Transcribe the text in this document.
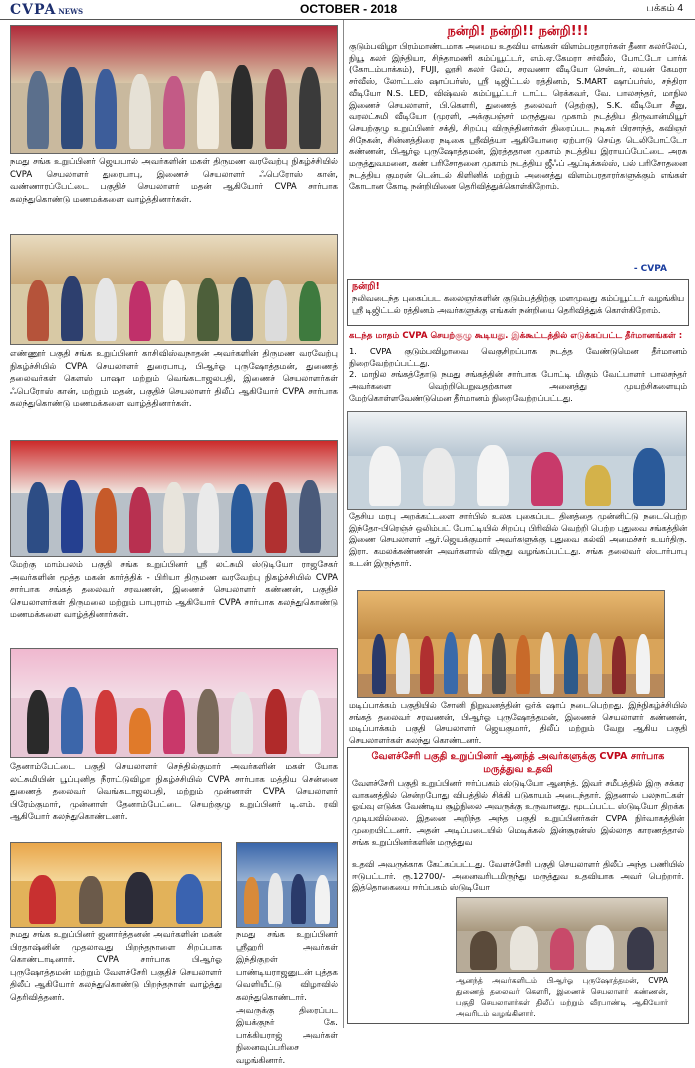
CVPA NEWS	OCTOBER - 2018	பக்கம் 4
நமது சங்க உறுப்பினர் ஜெயபால் அவர்களின் மகள் திருமண வரவேற்பு நிகழ்ச்சியில் CVPA செயலாளர் துரைபாபு, இணைச் செயலாளர் ஃபெரோஸ் கான், வண்ணாரப்பேட்டை பகுதிச் செயலாளர் மதன் ஆகியோர் CVPA சார்பாக கலந்துகொண்டு மணமக்களை வாழ்த்தினார்கள்.
எண்ணூர் பகுதி சங்க உறுப்பினர் காசிவிஸ்வநாதன் அவர்களின் திருமண வரவேற்பு நிகழ்ச்சியில் CVPA செயலாளர் துரைபாபு, பிஆர்ஓ புருஷோத்தமன், துணைத் தலைவர்கள் கௌஸ் பாஷா மற்றும் வெங்கடாஜலபதி, இணைச் செயலாளர்கள் ஃபெரோஸ் கான், மற்றும் மதன், பகுதிச் செயலாளர் திலீப் ஆகியோர் CVPA சார்பாக கலந்துகொண்டு மணமக்களை வாழ்த்தினார்கள்.
மேற்கு மாம்பலம் பகுதி சங்க உறுப்பினர் ஸ்ரீ லட்சுமி ஸ்டுடியோ ராஜசேகர் அவர்களின் மூத்த மகன் கார்த்திக் - பிரியா திருமண வரவேற்பு நிகழ்ச்சியில் CVPA சார்பாக சங்கத் தலைவர் சரவணன், இணைச் செயலாளர் கண்ணன், பகுதிச் செயலாளர்கள் திருமலை மற்றும் பாபுராம் ஆகியோர் CVPA சார்பாக கலந்துகொண்டு மணமக்களை வாழ்த்தினார்கள்.
தேனாம்பேட்டை பகுதி செயலாளர் செந்தில்குமார் அவர்களின் மகள் யோக லட்சுமியின் பூப்புனித நீராட்டுவிழா நிகழ்ச்சியில் CVPA சார்பாக மத்திய சென்னை துணைத் தலைவர் வெங்கடாஜலபதி, மற்றும் முன்னாள் CVPA செயலாளர் பிரேம்குமார், முன்னாள் தேனாம்பேட்டை செயற்குழு உறுப்பினர் டி.எம். ரவி ஆகியோர் கலந்துகொண்டனர்.
நமது சங்க உறுப்பினர் ஜனார்த்தனன் அவர்களின் மகன் பிரதாஷ்னின் முதலாவது பிறந்தநாளை சிறப்பாக கொண்டாடினார். CVPA சார்பாக பிஆர்ஓ புருஷோத்தமன் மற்றும் வேளச்சேரி பகுதிச் செயலாளர் திலீப் ஆகியோர் கலந்துகொண்டு பிறந்தநாள் வாழ்த்து தெரிவித்தனர்.
நமது சங்க உறுப்பினர் ஸ்ரீஹரி அவர்கள் இந்திகுறள் பாண்டியராஜனுடன் புத்தக வெளியீட்டு விழாவில் கலந்துகொண்டார். அவருக்கு திரைப்பட இயக்குநர் கே. பாக்கியராஜ் அவர்கள் நினைவுப்பரிசை வழங்கினார்.
நன்றி! நன்றி!! நன்றி!!!
குடும்பவிழா பிரம்மாண்டமாக அமைய உதவிய எங்கள் விளம்பரதாரர்கள் தீனா கலர்லேப், நியூ கலர் இந்தியா, சிந்தாமணி கம்ப்யூட்டர், எம்.ஏ.கேமரா சர்வீஸ், போட்டோ பார்க் (கோடம்பாக்கம்), FUJI, லூசி கலர் லேப், சரவணா வீடியோ சென்டர், லயன் கேமரா சர்வீஸ், லோட்டஸ் ஷாப்பர்ஸ், ஸ்ரீ டிஜிட்டல் ரத்தினம், S.MART ஷாப்பர்ஸ், சந்திரா வீடியோ N.S. LED, விஷ்வல் கம்ப்யூட்டர் டாட்ட ரெக்கவர், வே. பாலசந்தர், மாநில இணைச் செயலாளர், பி.கெளரி, துணைத் தலைவர் (தெற்கு), S.K. வீடியோ சீனு, வரலட்சுமி வீடியோ (முரளி, அக்குபஞ்சர் மருத்துவ முகாம் நடத்திய திருவான்மியூர் செயற்குழு உறுப்பினர் சக்தி, சிறப்பு விருந்தினர்கள் திரைப்பட நடிகர் பிரசாந்த், கவிஞர் சிநேகன், சின்னத்திரை நடிகை ஸ்ரீவித்யா ஆகியோரை ஏற்பாடு செய்த டெலிபோட்டோ கண்ணன், பிஆர்ஓ புருஷோத்தமன், இரத்ததான முகாம் நடத்திய இராயப்பேட்டை அரசு மருத்துவமனை, கண் பரிசோதனை முகாம் நடத்திய ஜீஃப் ஆப்டிக்கல்ஸ், பல் பரிசோதனை நடத்திய குமரன் டென்டல் கிளினிக் மற்றும் அனைத்து விளம்பரதாரர்களுக்கும் எங்கள் கோடான கோடி நன்றியினை தெரிவித்துக்கொள்கிறோம்.
- CVPA
நன்றி!
நலிவடைந்த புகைப்பட கலைஞர்களின் குடும்பத்திற்கு மளமுவது கம்ப்யூட்டர் வழங்கிய ஸ்ரீ டிஜிட்டல் ரத்தினம் அவர்களுக்கு எங்கள் நன்றியை தெரிவித்துக் கொள்கிறோம்.
கடந்த மாதம் CVPA செயற்குழு கூடியது. இக்கூட்டத்தில் எடுக்கப்பட்ட தீர்மானங்கள் :
1. CVPA குடும்பவிழாவை வெகுசிறப்பாக நடத்த வேண்டுமென தீர்மானம் நிறைவேற்றப்பட்டது.
2. மாநில சங்கத்தோடு நமது சங்கத்தின் சார்பாக போட்டி மிகும் வேட்பாளர் பாலசந்தர் அவர்களை வெற்றிபெறுவதற்கான அனைத்து முயற்சிகளையும் மேற்கொள்ளவேண்டுமென தீர்மானம் நிறைவேற்றப்பட்டது.
தேசிய மரபு அறக்கட்டளை சார்பில் உலக புகைப்பட தினத்தை முன்னிட்டு நடைபெற்ற இந்தோ-பிரெஞ்ச் ஒலிம்பட் போட்டியில் சிறப்பு பிரிவில் வெற்றி பெற்ற புதுவை சங்கத்தின் இணை செயலாளர் ஆர்.ஜெயக்குமார் அவர்களுக்கு புதுவை கல்வி அமைச்சர் உயர்திரு. இரா. கமலக்கண்ணன் அவர்களால் விருது வழங்கப்பட்டது. சங்க தலைவர் ஸ்டார்பாபு உடன் இருந்தார்.
மடிப்பாக்கம் பகுதியில் சோனி நிறுவனத்தின் ஒர்க் ஷாப் நடைபெற்றது. இந்நிகழ்ச்சியில் சங்கத் தலைவர் சரவணன், பிஆர்ஓ புருஷோத்தமன், இணைச் செயலாளர் கண்ணன், மடிப்பாக்கம் பகுதி செயலாளர் ஜெயகுமார், திலீப் மற்றும் வேறு ஆகிய பகுதி செயலாளர்கள் கலந்து கொண்டனர்.
வேளச்சேரி பகுதி உறுப்பினர் ஆனந்த் அவர்களுக்கு CVPA சார்பாக மருத்துவ உதவி
வேளச்சேரி பகுதி உறுப்பினர் ஈர்ப்பகம் ஸ்டுடியோ ஆனந்த். இவர் சமீபத்தில் இரு சக்கர வாகனத்தில் சென்றபோது விபத்தில் சிக்கி படுகாயம் அடைந்தார். இதனால் பலநாட்கள் ஓய்வு எடுக்க வேண்டிய சூழ்நிலை அவருக்கு உருவானது. மூடப்பட்ட ஸ்டுடியோ திறக்க முடியவில்லை. இதனை அறிந்த அந்த பகுதி உறுப்பினர்கள் CVPA நிர்வாகத்தின் முறையிட்டனர். அதன் அடிப்படையில் மெடிக்கல் இன்சூரன்ஸ் இல்லாத காரணத்தால் சங்க உறுப்பினர்களின் மருத்துவ
உதவி அவருக்காக கேட்கப்பட்டது. வேளச்சேரி பகுதி செயலாளர் திலீப் அந்த பணியில் ஈடுபட்டார். ரூ.12700/- அனைவரிடமிருந்து மருத்துவ உதவியாக அவர் பெற்றார். இத்தொகையை ஈர்ப்பகம் ஸ்டுடியோ
ஆனந்த் அவர்களிடம் பிஆர்ஓ புருஷோத்தமன், CVPA துணைத் தலைவர் கௌரி, இணைச் செயலாளர் கண்ணன், பகுதி செயலாளர்கள் திலீப் மற்றும் வீரபாண்டி ஆகியோர் அவரிடம் வழங்கினார்.
